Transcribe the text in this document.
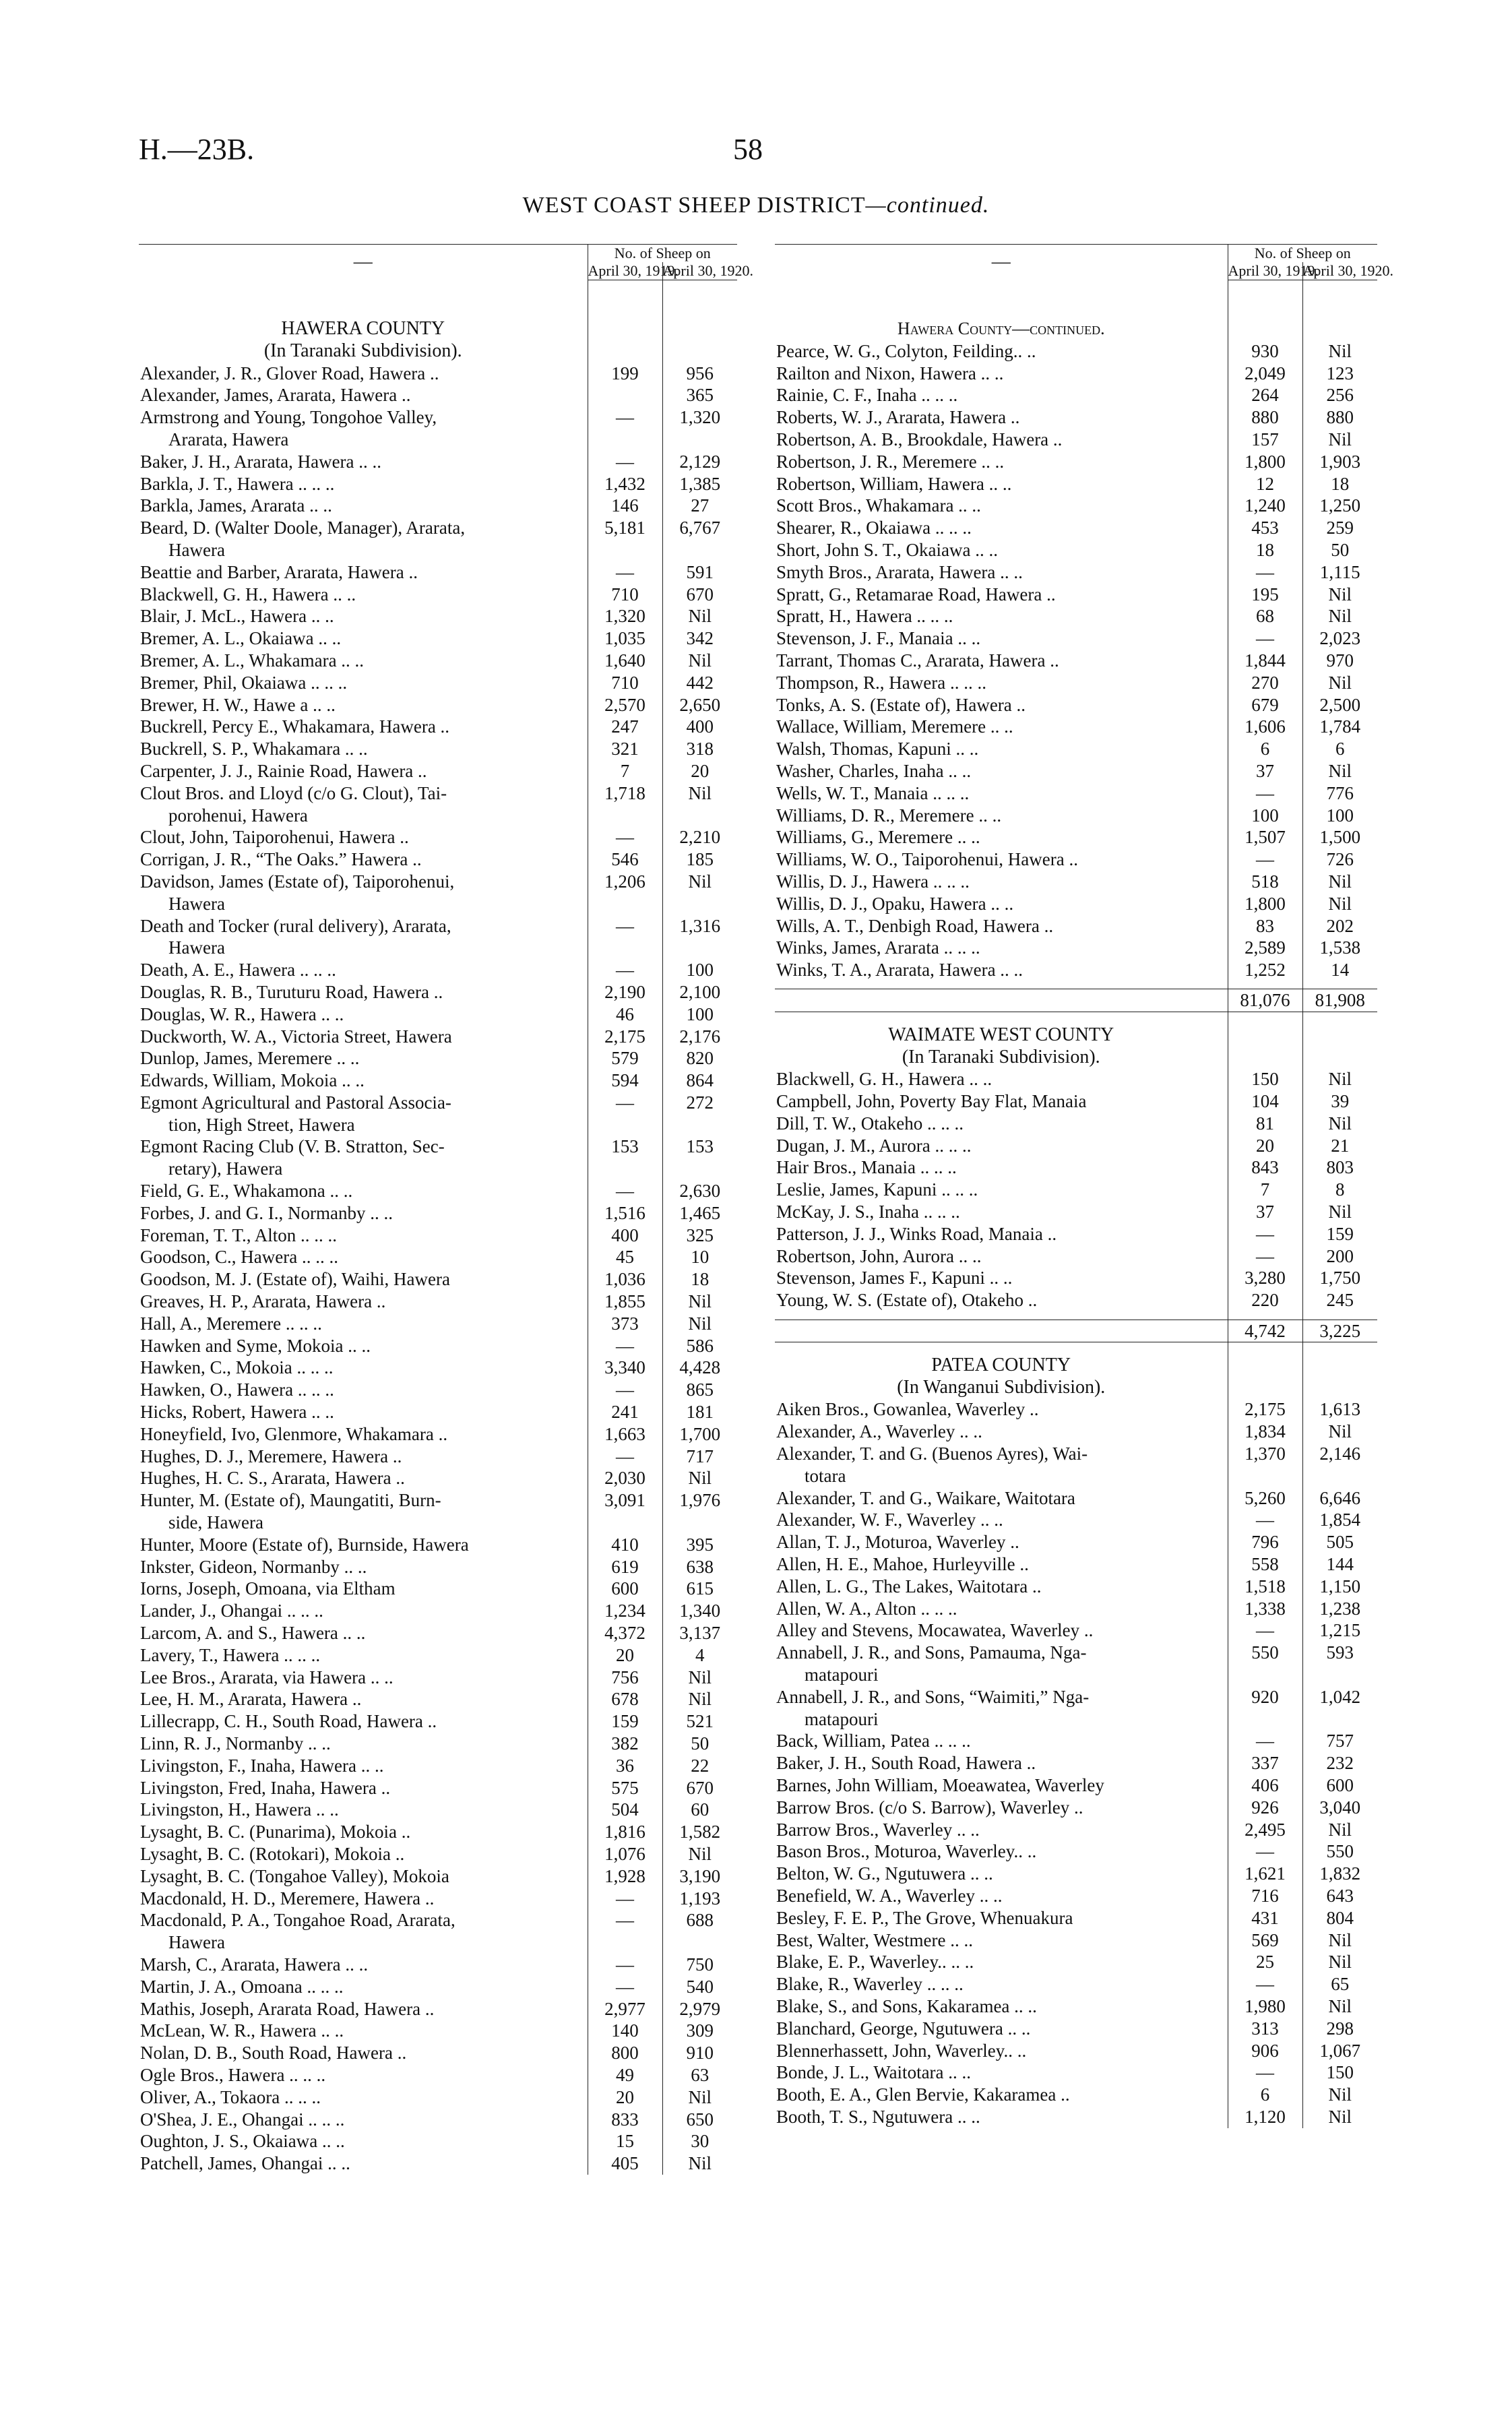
H.—23B.	58
WEST COAST SHEEP DISTRICT—continued.
—	No. of Sheep on	
	April 30, 1919.	April 30, 1920.

HAWERA COUNTY		
(In Taranaki Subdivision).		
Alexander, J. R., Glover Road, Hawera ..	199	956
Alexander, James, Ararata, Hawera ..		365
Armstrong and Young, Tongohoe Valley,	—	1,320
Ararata, Hawera		
Baker, J. H., Ararata, Hawera .. ..	—	2,129
Barkla, J. T., Hawera .. .. ..	1,432	1,385
Barkla, James, Ararata .. ..	146	27
Beard, D. (Walter Doole, Manager), Ararata,	5,181	6,767
Hawera		
Beattie and Barber, Ararata, Hawera ..	—	591
Blackwell, G. H., Hawera .. ..	710	670
Blair, J. McL., Hawera .. ..	1,320	Nil
Bremer, A. L., Okaiawa .. ..	1,035	342
Bremer, A. L., Whakamara .. ..	1,640	Nil
Bremer, Phil, Okaiawa .. .. ..	710	442
Brewer, H. W., Hawe a .. ..	2,570	2,650
Buckrell, Percy E., Whakamara, Hawera ..	247	400
Buckrell, S. P., Whakamara .. ..	321	318
Carpenter, J. J., Rainie Road, Hawera ..	7	20
Clout Bros. and Lloyd (c/o G. Clout), Tai-	1,718	Nil
porohenui, Hawera		
Clout, John, Taiporohenui, Hawera ..	—	2,210
Corrigan, J. R., “The Oaks.” Hawera ..	546	185
Davidson, James (Estate of), Taiporohenui,	1,206	Nil
Hawera		
Death and Tocker (rural delivery), Ararata,	—	1,316
Hawera		
Death, A. E., Hawera .. .. ..	—	100
Douglas, R. B., Turuturu Road, Hawera ..	2,190	2,100
Douglas, W. R., Hawera .. ..	46	100
Duckworth, W. A., Victoria Street, Hawera	2,175	2,176
Dunlop, James, Meremere .. ..	579	820
Edwards, William, Mokoia .. ..	594	864
Egmont Agricultural and Pastoral Associa-	—	272
tion, High Street, Hawera		
Egmont Racing Club (V. B. Stratton, Sec-	153	153
retary), Hawera		
Field, G. E., Whakamona .. ..	—	2,630
Forbes, J. and G. I., Normanby .. ..	1,516	1,465
Foreman, T. T., Alton .. .. ..	400	325
Goodson, C., Hawera .. .. ..	45	10
Goodson, M. J. (Estate of), Waihi, Hawera	1,036	18
Greaves, H. P., Ararata, Hawera ..	1,855	Nil
Hall, A., Meremere .. .. ..	373	Nil
Hawken and Syme, Mokoia .. ..	—	586
Hawken, C., Mokoia .. .. ..	3,340	4,428
Hawken, O., Hawera .. .. ..	—	865
Hicks, Robert, Hawera .. ..	241	181
Honeyfield, Ivo, Glenmore, Whakamara ..	1,663	1,700
Hughes, D. J., Meremere, Hawera ..	—	717
Hughes, H. C. S., Ararata, Hawera ..	2,030	Nil
Hunter, M. (Estate of), Maungatiti, Burn-	3,091	1,976
side, Hawera		
Hunter, Moore (Estate of), Burnside, Hawera	410	395
Inkster, Gideon, Normanby .. ..	619	638
Iorns, Joseph, Omoana, via Eltham	600	615
Lander, J., Ohangai .. .. ..	1,234	1,340
Larcom, A. and S., Hawera .. ..	4,372	3,137
Lavery, T., Hawera .. .. ..	20	4
Lee Bros., Ararata, via Hawera .. ..	756	Nil
Lee, H. M., Ararata, Hawera ..	678	Nil
Lillecrapp, C. H., South Road, Hawera ..	159	521
Linn, R. J., Normanby .. ..	382	50
Livingston, F., Inaha, Hawera .. ..	36	22
Livingston, Fred, Inaha, Hawera ..	575	670
Livingston, H., Hawera .. ..	504	60
Lysaght, B. C. (Punarima), Mokoia ..	1,816	1,582
Lysaght, B. C. (Rotokari), Mokoia ..	1,076	Nil
Lysaght, B. C. (Tongahoe Valley), Mokoia	1,928	3,190
Macdonald, H. D., Meremere, Hawera ..	—	1,193
Macdonald, P. A., Tongahoe Road, Ararata,	—	688
Hawera		
Marsh, C., Ararata, Hawera .. ..	—	750
Martin, J. A., Omoana .. .. ..	—	540
Mathis, Joseph, Ararata Road, Hawera ..	2,977	2,979
McLean, W. R., Hawera .. ..	140	309
Nolan, D. B., South Road, Hawera ..	800	910
Ogle Bros., Hawera .. .. ..	49	63
Oliver, A., Tokaora .. .. ..	20	Nil
O'Shea, J. E., Ohangai .. .. ..	833	650
Oughton, J. S., Okaiawa .. ..	15	30
Patchell, James, Ohangai .. ..	405	Nil
—	No. of Sheep on	
	April 30, 1919.	April 30, 1920.

Hawera County—continued.		
Pearce, W. G., Colyton, Feilding.. ..	930	Nil
Railton and Nixon, Hawera .. ..	2,049	123
Rainie, C. F., Inaha .. .. ..	264	256
Roberts, W. J., Ararata, Hawera ..	880	880
Robertson, A. B., Brookdale, Hawera ..	157	Nil
Robertson, J. R., Meremere .. ..	1,800	1,903
Robertson, William, Hawera .. ..	12	18
Scott Bros., Whakamara .. ..	1,240	1,250
Shearer, R., Okaiawa .. .. ..	453	259
Short, John S. T., Okaiawa .. ..	18	50
Smyth Bros., Ararata, Hawera .. ..	—	1,115
Spratt, G., Retamarae Road, Hawera ..	195	Nil
Spratt, H., Hawera .. .. ..	68	Nil
Stevenson, J. F., Manaia .. ..	—	2,023
Tarrant, Thomas C., Ararata, Hawera ..	1,844	970
Thompson, R., Hawera .. .. ..	270	Nil
Tonks, A. S. (Estate of), Hawera ..	679	2,500
Wallace, William, Meremere .. ..	1,606	1,784
Walsh, Thomas, Kapuni .. ..	6	6
Washer, Charles, Inaha .. ..	37	Nil
Wells, W. T., Manaia .. .. ..	—	776
Williams, D. R., Meremere .. ..	100	100
Williams, G., Meremere .. ..	1,507	1,500
Williams, W. O., Taiporohenui, Hawera ..	—	726
Willis, D. J., Hawera .. .. ..	518	Nil
Willis, D. J., Opaku, Hawera .. ..	1,800	Nil
Wills, A. T., Denbigh Road, Hawera ..	83	202
Winks, James, Ararata .. .. ..	2,589	1,538
Winks, T. A., Ararata, Hawera .. ..	1,252	14

	81,076	81,908

WAIMATE WEST COUNTY		
(In Taranaki Subdivision).		
Blackwell, G. H., Hawera .. ..	150	Nil
Campbell, John, Poverty Bay Flat, Manaia	104	39
Dill, T. W., Otakeho .. .. ..	81	Nil
Dugan, J. M., Aurora .. .. ..	20	21
Hair Bros., Manaia .. .. ..	843	803
Leslie, James, Kapuni .. .. ..	7	8
McKay, J. S., Inaha .. .. ..	37	Nil
Patterson, J. J., Winks Road, Manaia ..	—	159
Robertson, John, Aurora .. ..	—	200
Stevenson, James F., Kapuni .. ..	3,280	1,750
Young, W. S. (Estate of), Otakeho ..	220	245

	4,742	3,225

PATEA COUNTY		
(In Wanganui Subdivision).		
Aiken Bros., Gowanlea, Waverley ..	2,175	1,613
Alexander, A., Waverley .. ..	1,834	Nil
Alexander, T. and G. (Buenos Ayres), Wai-	1,370	2,146
totara		
Alexander, T. and G., Waikare, Waitotara	5,260	6,646
Alexander, W. F., Waverley .. ..	—	1,854
Allan, T. J., Moturoa, Waverley ..	796	505
Allen, H. E., Mahoe, Hurleyville ..	558	144
Allen, L. G., The Lakes, Waitotara ..	1,518	1,150
Allen, W. A., Alton .. .. ..	1,338	1,238
Alley and Stevens, Mocawatea, Waverley ..	—	1,215
Annabell, J. R., and Sons, Pamauma, Nga-	550	593
matapouri		
Annabell, J. R., and Sons, “Waimiti,” Nga-	920	1,042
matapouri		
Back, William, Patea .. .. ..	—	757
Baker, J. H., South Road, Hawera ..	337	232
Barnes, John William, Moeawatea, Waverley	406	600
Barrow Bros. (c/o S. Barrow), Waverley ..	926	3,040
Barrow Bros., Waverley .. ..	2,495	Nil
Bason Bros., Moturoa, Waverley.. ..	—	550
Belton, W. G., Ngutuwera .. ..	1,621	1,832
Benefield, W. A., Waverley .. ..	716	643
Besley, F. E. P., The Grove, Whenuakura	431	804
Best, Walter, Westmere .. ..	569	Nil
Blake, E. P., Waverley.. .. ..	25	Nil
Blake, R., Waverley .. .. ..	—	65
Blake, S., and Sons, Kakaramea .. ..	1,980	Nil
Blanchard, George, Ngutuwera .. ..	313	298
Blennerhassett, John, Waverley.. ..	906	1,067
Bonde, J. L., Waitotara .. ..	—	150
Booth, E. A., Glen Bervie, Kakaramea ..	6	Nil
Booth, T. S., Ngutuwera .. ..	1,120	Nil
